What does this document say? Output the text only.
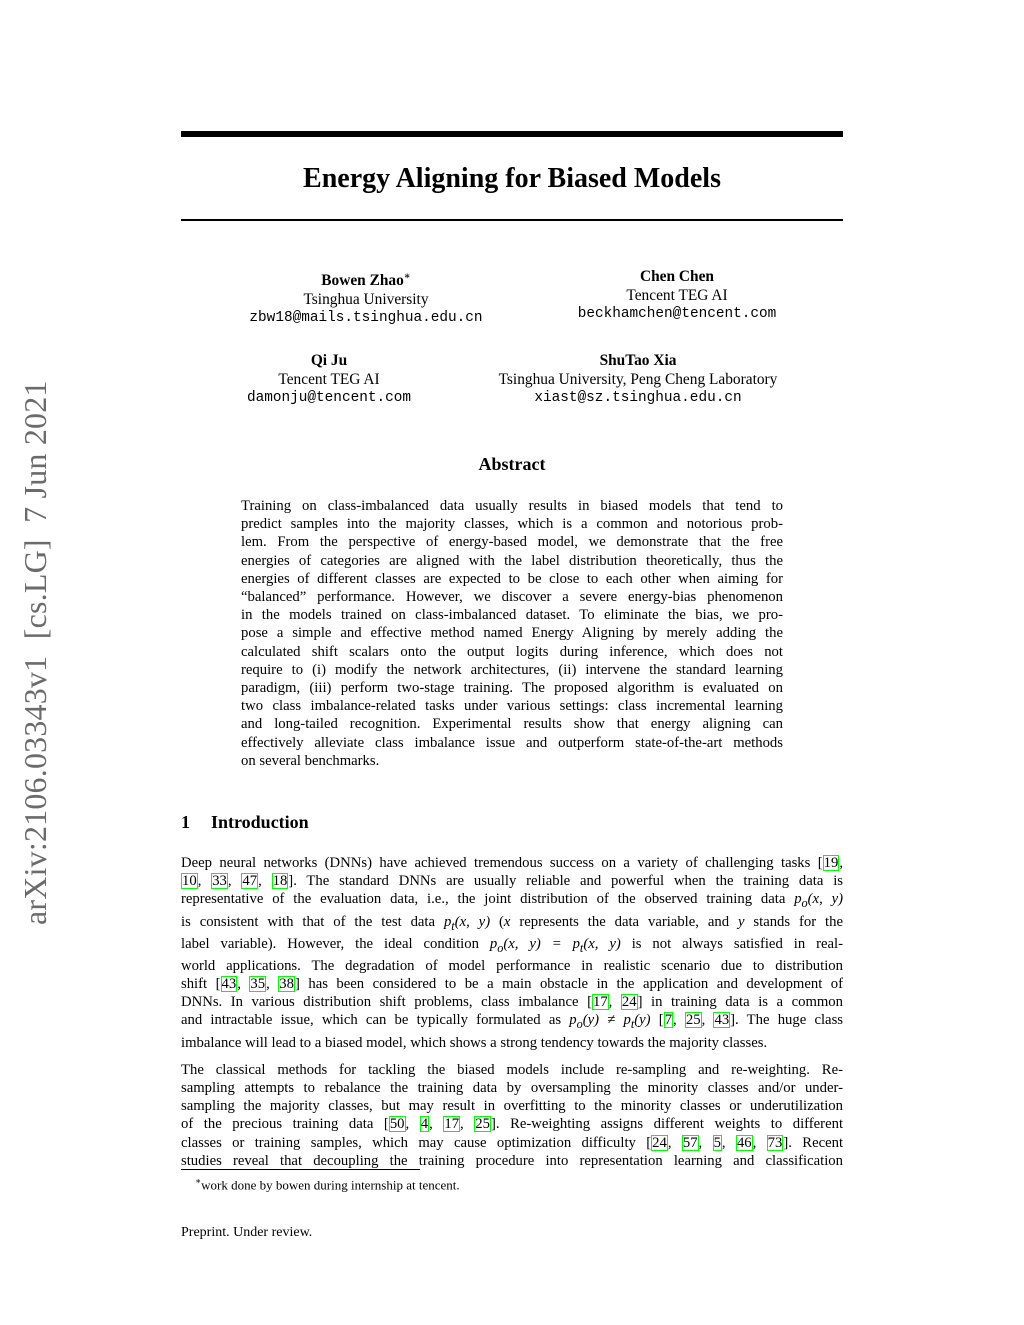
Energy Aligning for Biased Models
Bowen Zhao∗
Tsinghua University
zbw18@mails.tsinghua.edu.cn
Chen Chen
Tencent TEG AI
beckhamchen@tencent.com
Qi Ju
Tencent TEG AI
damonju@tencent.com
ShuTao Xia
Tsinghua University, Peng Cheng Laboratory
xiast@sz.tsinghua.edu.cn
arXiv:2106.03343v1  [cs.LG]  7 Jun 2021	Abstract
Training on class-imbalanced data usually results in biased models that tend to
predict samples into the majority classes, which is a common and notorious prob-
lem. From the perspective of energy-based model, we demonstrate that the free
energies of categories are aligned with the label distribution theoretically, thus the
energies of different classes are expected to be close to each other when aiming for
“balanced” performance. However, we discover a severe energy-bias phenomenon
in the models trained on class-imbalanced dataset. To eliminate the bias, we pro-
pose a simple and effective method named Energy Aligning by merely adding the
calculated shift scalars onto the output logits during inference, which does not
require to (i) modify the network architectures, (ii) intervene the standard learning
paradigm, (iii) perform two-stage training. The proposed algorithm is evaluated on
two class imbalance-related tasks under various settings: class incremental learning
and long-tailed recognition. Experimental results show that energy aligning can
effectively alleviate class imbalance issue and outperform state-of-the-art methods
on several benchmarks.
1 Introduction
Deep neural networks (DNNs) have achieved tremendous success on a variety of challenging tasks [19,
10, 33, 47, 18]. The standard DNNs are usually reliable and powerful when the training data is
representative of the evaluation data, i.e., the joint distribution of the observed training data $p_o(x$, y)
is consistent with that of the test data $p_t(x$, y) (x represents the data variable, and y stands for the
label variable). However, the ideal condition $p_o(x$, $y) = p_t(x$, y) is not always satisfied in real-
world applications. The degradation of model performance in realistic scenario due to distribution
shift [43, 35, 38] has been considered to be a main obstacle in the application and development of
DNNs. In various distribution shift problems, class imbalance [17, 24] in training data is a common
and intractable issue, which can be typically formulated as $p_o(y) \ne p_t(y)$ [7, 25, 43]. The huge class
imbalance will lead to a biased model, which shows a strong tendency towards the majority classes.
The classical methods for tackling the biased models include re-sampling and re-weighting. Re-
sampling attempts to rebalance the training data by oversampling the minority classes and/or under-
sampling the majority classes, but may result in overfitting to the minority classes or underutilization
of the precious training data [50, 4, 17, 25]. Re-weighting assigns different weights to different
classes or training samples, which may cause optimization difficulty [24, 57, 5, 46, 73]. Recent
studies reveal that decoupling the training procedure into representation learning and classification
∗work done by bowen during internship at tencent.
Preprint. Under review.
